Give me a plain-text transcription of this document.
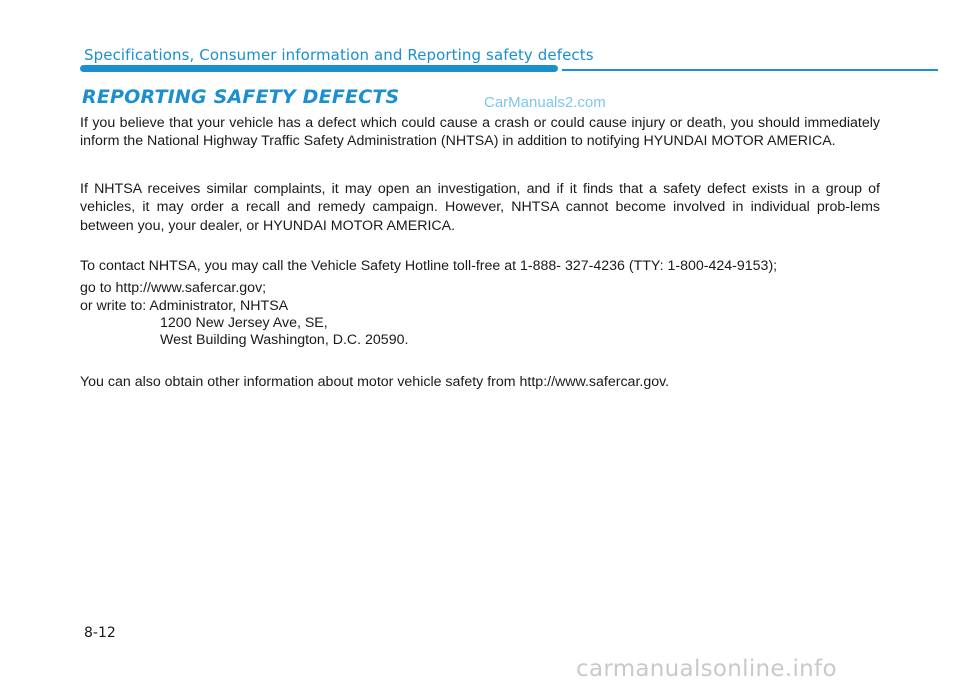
Specifications, Consumer information and Reporting safety defects
REPORTING SAFETY DEFECTS	CarManuals2.com
If you believe that your vehicle has a defect which could cause a crash or could cause injury or death, you should immediately inform the National Highway Traffic Safety Administration (NHTSA) in addition to notifying HYUNDAI MOTOR AMERICA.
If NHTSA receives similar complaints, it may open an investigation, and if it finds that a safety defect exists in a group of vehicles, it may order a recall and remedy campaign. However, NHTSA cannot become involved in individual prob-lems between you, your dealer, or HYUNDAI MOTOR AMERICA.
To contact NHTSA, you may call the Vehicle Safety Hotline toll-free at 1-888- 327-4236 (TTY: 1-800-424-9153);
go to http://www.safercar.gov;
or write to: Administrator, NHTSA
1200 New Jersey Ave, SE,
West Building Washington, D.C. 20590.
You can also obtain other information about motor vehicle safety from http://www.safercar.gov.
8-12
carmanualsonline.info
